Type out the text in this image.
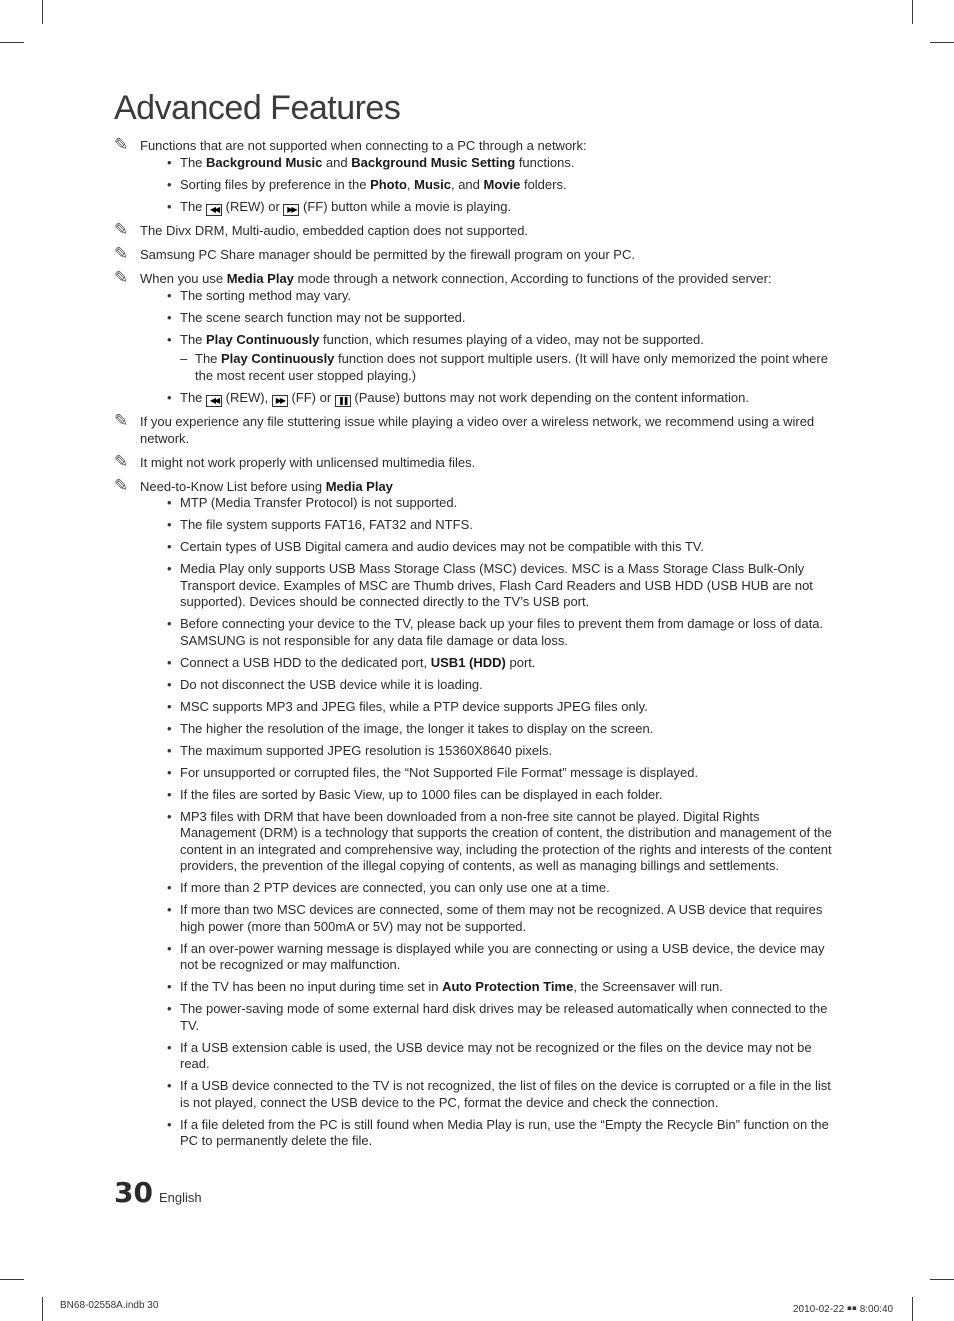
Advanced Features
✎ Functions that are not supported when connecting to a PC through a network:
• The Background Music and Background Music Setting functions.
• Sorting files by preference in the Photo, Music, and Movie folders.
• The ◀◀ (REW) or ▶▶ (FF) button while a movie is playing.
✎ The Divx DRM, Multi-audio, embedded caption does not supported.
✎ Samsung PC Share manager should be permitted by the firewall program on your PC.
✎ When you use Media Play mode through a network connection, According to functions of the provided server:
• The sorting method may vary.
• The scene search function may not be supported.
• The Play Continuously function, which resumes playing of a video, may not be supported.
– The Play Continuously function does not support multiple users. (It will have only memorized the point where the most recent user stopped playing.)
• The ◀◀ (REW), ▶▶ (FF) or ❚❚ (Pause) buttons may not work depending on the content information.
✎ If you experience any file stuttering issue while playing a video over a wireless network, we recommend using a wired network.
✎ It might not work properly with unlicensed multimedia files.
✎ Need-to-Know List before using Media Play
• MTP (Media Transfer Protocol) is not supported.
• The file system supports FAT16, FAT32 and NTFS.
• Certain types of USB Digital camera and audio devices may not be compatible with this TV.
• Media Play only supports USB Mass Storage Class (MSC) devices. MSC is a Mass Storage Class Bulk-Only Transport device. Examples of MSC are Thumb drives, Flash Card Readers and USB HDD (USB HUB are not supported). Devices should be connected directly to the TV’s USB port.
• Before connecting your device to the TV, please back up your files to prevent them from damage or loss of data. SAMSUNG is not responsible for any data file damage or data loss.
• Connect a USB HDD to the dedicated port, USB1 (HDD) port.
• Do not disconnect the USB device while it is loading.
• MSC supports MP3 and JPEG files, while a PTP device supports JPEG files only.
• The higher the resolution of the image, the longer it takes to display on the screen.
• The maximum supported JPEG resolution is 15360X8640 pixels.
• For unsupported or corrupted files, the “Not Supported File Format” message is displayed.
• If the files are sorted by Basic View, up to 1000 files can be displayed in each folder.
• MP3 files with DRM that have been downloaded from a non-free site cannot be played. Digital Rights Management (DRM) is a technology that supports the creation of content, the distribution and management of the content in an integrated and comprehensive way, including the protection of the rights and interests of the content providers, the prevention of the illegal copying of contents, as well as managing billings and settlements.
• If more than 2 PTP devices are connected, you can only use one at a time.
• If more than two MSC devices are connected, some of them may not be recognized. A USB device that requires high power (more than 500mA or 5V) may not be supported.
• If an over-power warning message is displayed while you are connecting or using a USB device, the device may not be recognized or may malfunction.
• If the TV has been no input during time set in Auto Protection Time, the Screensaver will run.
• The power-saving mode of some external hard disk drives may be released automatically when connected to the TV.
• If a USB extension cable is used, the USB device may not be recognized or the files on the device may not be read.
• If a USB device connected to the TV is not recognized, the list of files on the device is corrupted or a file in the list is not played, connect the USB device to the PC, format the device and check the connection.
• If a file deleted from the PC is still found when Media Play is run, use the “Empty the Recycle Bin” function on the PC to permanently delete the file.
30 English
BN68-02558A.indb 30	2010-02-22 ￭￭ 8:00:40
